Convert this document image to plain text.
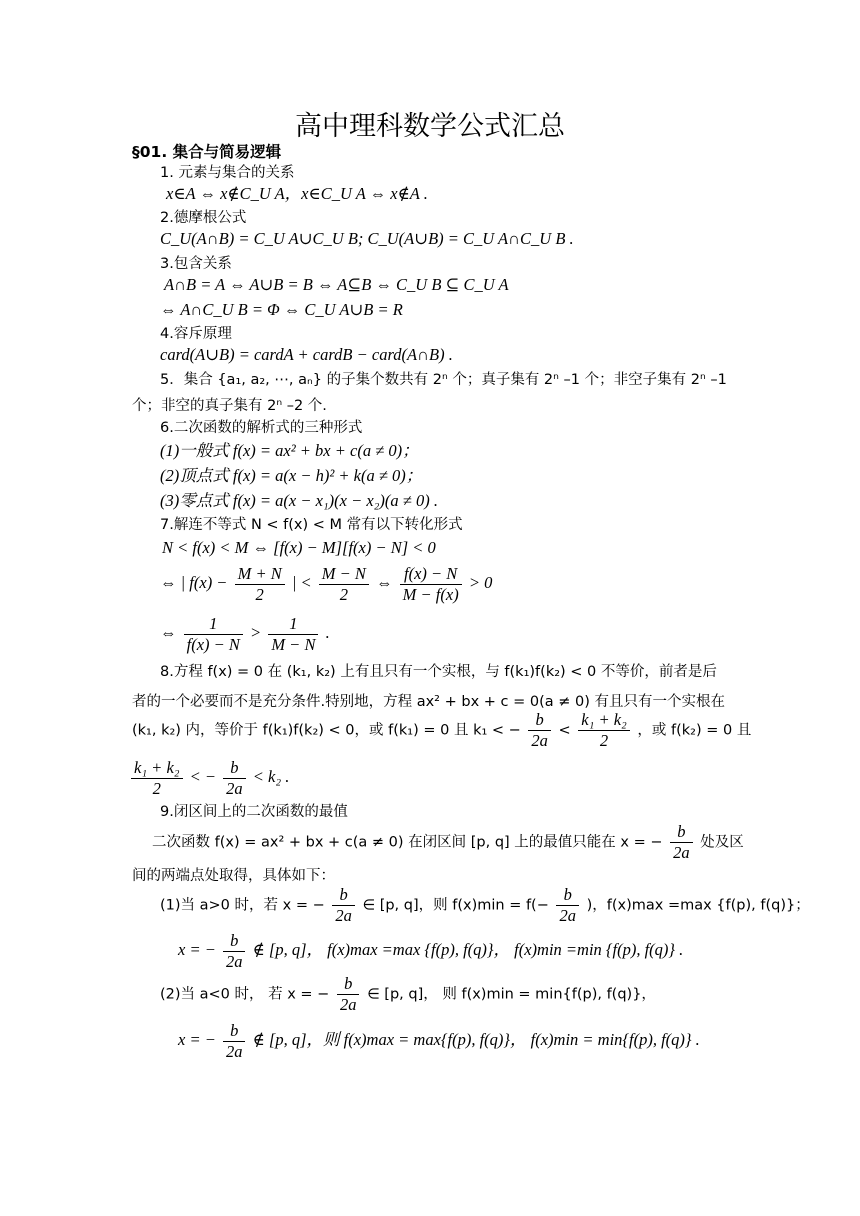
高中理科数学公式汇总
§01. 集合与简易逻辑
1. 元素与集合的关系
x∈A ⇔ x∉C_U A，x∈C_U A ⇔ x∉A .
2.德摩根公式
C_U(A∩B) = C_U A∪C_U B; C_U(A∪B) = C_U A∩C_U B .
3.包含关系
A∩B = A ⇔ A∪B = B ⇔ A⊆B ⇔ C_U B ⊆ C_U A
⇔ A∩C_U B = Φ ⇔ C_U A∪B = R
4.容斥原理
card(A∪B) = cardA + cardB − card(A∩B) .
5．集合 {a₁, a₂, ⋯, aₙ} 的子集个数共有 2ⁿ 个；真子集有 2ⁿ –1 个；非空子集有 2ⁿ –1
个；非空的真子集有 2ⁿ –2 个.
6.二次函数的解析式的三种形式
(1)一般式 f(x) = ax² + bx + c(a ≠ 0)；
(2)顶点式 f(x) = a(x − h)² + k(a ≠ 0)；
(3)零点式 f(x) = a(x − x₁)(x − x₂)(a ≠ 0) .
7.解连不等式 N < f(x) < M 常有以下转化形式
N < f(x) < M ⇔ [f(x) − M][f(x) − N] < 0
⇔ | $f(x) - \frac{M + N}{2}$ | < $\frac{M - N}{2}$ ⇔ $\frac{f(x) - N}{M - f(x)} > 0$
⇔ $\frac{1}{f(x) - N} > \frac{1}{M - N}$ .
8.方程 f(x) = 0 在 (k₁, k₂) 上有且只有一个实根，与 f(k₁)f(k₂) < 0 不等价，前者是后
者的一个必要而不是充分条件.特别地，方程 ax² + bx + c = 0(a ≠ 0) 有且只有一个实根在
(k₁, k₂) 内，等价于 f(k₁)f(k₂) < 0，或 f(k₁) = 0 且 k₁ < − $\frac{b}{2a} < \frac{\text{k₁ + k₂}}{2}$ ，或 f(k₂) = 0 且
$\frac{\text{k₁ + k₂}}{2}$ < − $\frac{b}{2a} < k_2$ .
9.闭区间上的二次函数的最值
二次函数 f(x) = ax² + bx + c(a ≠ 0) 在闭区间 [p, q] 上的最值只能在 x = − $\frac{b}{2a}$ 处及区
间的两端点处取得，具体如下：
(1)当 a>0 时，若 x = − $\frac{b}{2a}$ ∈ [p, q]，则 $f(x)\min = f(- \frac{b}{2a}$ )，f(x)max =max {f(p), f(q)}；
x = − $\frac{b}{2a}$ ∉ [p, q]， f(x)max =max {f(p), f(q)}， f(x)min =min {f(p), f(q)} .
(2)当 a<0 时， 若 x = − $\frac{b}{2a}$ ∈ [p, q]， 则 f(x)min = min{f(p), f(q)}，
x = − $\frac{b}{2a}$ ∉ [p, q]，则 f(x)max = max{f(p), f(q)}， f(x)min = min{f(p), f(q)} .
